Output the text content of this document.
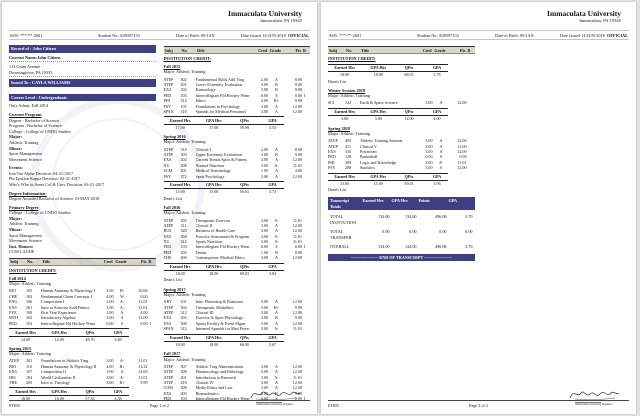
Immaculata University
Immaculata, PA 19345
SSN: ***-**-2601	Student No: A00597133	Date of Birth: 09-JAN	Date Issued 14-JUN-2018 OFFICIAL
Record of : John Citizen
Current Name:John Citizen
113 Grant Avenue
Downingtown, PA 19335
Issued To : CAYLA WILLIAMS
Course Level : Undergraduate
Only Admit: Fall 2014
Current Program
Degree : Bachelor of Science
Program : Bachelor of Science
College : College of UNDG Studies
Major:
Athletic Training
Minor:
Sport Management
Movement Science
Events:
Iota Tau Alpha Decision: 04-21-2017
Phi Epsilon Kappa Decision: 04-21-2017
Who's Who in Amer Col & Univ Decision: 04-21-2017
Degree Information:
Degree Awarded Bachelor of Science 10-MAY-2018
Primary Degree
College : College of UNDG Studies
Major:
Athletic Training
Minor:
Sport Management
Movement Science
Inst. Honors:
CUM LAUDE
Subj	No.	Title	Cred Grade	Pts R
INSTITUTION CREDIT:
Fall 2014
Major: Athletic Training
BIO	105	Human Anatomy & Physiology I	4.00	B-	10.68
CHE	103	Fundamental Chem Concepts I	4.00	W	0.00
ENG	106	Composition I	3.00	A-	11.01
EXS	201	Intro to Exercise Sci&Fitness	3.00	A-	11.01
FYE	100	First Year Experience	1.00	A	4.00
MTH	102	Introductory Algebra	3.00	A	12.00
PED	103	Intercollegiate Fld Hockey Wmn	0.00	S	0.00 I
Earned Hrs	GPA Hrs	QPts	GPA
14.00	14.00	48.70	3.48
Spring 2015
Major: Athletic Training
ATEP	201	Foundations in Athletic Trng	3.00	A-	11.01
BIO	110	Human Anatomy & Physiology II	4.00	B+	13.32
ENG	107	Composition II	3.00	A	12.00
HIS	104	World Civilization II	3.00	A-	11.01
THE	205	Intro to Theology	3.00	B+	9.99
Earned Hrs	GPA Hrs	QPts	GPA
16.00	16.00	57.33	3.58
Subj	No.	Title	Cred Grade	Pts R
INSTITUTION CREDIT:
Fall 2015
Major: Athletic Training
ATEP	302	Fundamental Skills Athl Trng	2.00	A	8.00
ATEP	301	Lower Extremity Evaluation	3.00	B	9.00
EXS	302	Kinesiology	3.00	B	9.00
PED	103	Intercollegiate Fld Hockey Wmn	0.00	S	0.00 I
PHI	312	Ethics	3.00	B+	9.99
PSY	101	Foundations in Psychology	3.00	A	12.00
SPAN	310	Spanish for Medical Personnel	3.00	A	12.00
Earned Hrs	GPA Hrs	QPts	GPA
17.00	17.00	59.99	3.53
Spring 2016
Major: Athletic Training
ATEP	310	Clinical I	2.00	A	8.00
ATEP	303	Upper Extremity Evaluation	3.00	B	9.00
EXS	202	Current Trends Sport & Fitness	3.00	A	12.00
NU	308	Normal Nutrition	3.00	A-	11.01
SCM	201	Medical Terminology	1.00	A	4.00
PSY	372	Sport Psychology	3.00	A	12.00
Earned Hrs	GPA Hrs	QPts	GPA
15.00	15.00	56.01	3.73
Dean's List
Fall 2016
Major: Athletic Training
ATEP	305	Therapeutic Exercise	3.00	A-	11.01
ATEP	311	Clinical II	3.00	A	12.00
BUS	320	Business of Health Care	3.00	A	12.00
EXS	304	Exercise Assessment & Program	3.00	A-	11.01
NU	312	Sports Nutrition	3.00	A-	11.01
PED	103	Intercollegiate Fld Hockey Wmn	0.00	S	0.00 I
PED	305	Tennis	1.00	W	0.00
THE	400	Contemporary Medical Ethics	3.00	A	12.00
Earned Hrs	GPA Hrs	QPts	GPA
18.00	18.00	69.03	3.84
Dean's List
Spring 2017
Major: Athletic Training
ART	101	Intro Photoshop & Illustrator	3.00	A	12.00
ATEP	304	Therapeutic Modalities	3.00	B+	9.99
ATEP	312	Clinical III	3.00	A	12.00
EXS	303	Exercise & Sport Physiology	3.00	B	9.00
EXS	306	Sports Facility & Event Mgmt	3.00	A	12.00
SPAN	312	Intermed Spanish for Med Persn	3.00	A-	11.01
Earned Hrs	GPA Hrs	QPts	GPA
18.00	18.00	66.00	3.67
Fall 2017
Major: Athletic Training
ATEP	307	Athletic Trng Administration	3.00	A	12.00
ATEP	308	Pharmacology and Pathology	3.00	A	12.00
ATEP	401	Introduction to Research	3.00	A-	11.01
ATEP	410	Clinical IV	3.00	A	12.00
COM	308	Media Ethics and Law	3.00	A	12.00
EXS	305	Biomechanics	3.00	B	9.00
PED	103	Intercollegiate Fld Hockey Wmn	0.00	S	0.00 I
ETRN	Page 1 of 2	Immaculata University Registrar
Immaculata University
Immaculata, PA 19345
SSN: ***-**-2601	Student No: A00597133	Date of Birth: 09-JAN	Date Issued 14-JUN-2018 OFFICIAL
Subj	No.	Title	Cred Grade	Pts R
INSTITUTION CREDIT:
Earned Hrs	GPA Hrs	QPts	GPA
18.00	18.00	68.01	3.78
Dean's List
Winter Session 2018
Major: Athletic Training
SCI	122	Earth & Space Science	3.00	A	12.00
Earned Hrs	GPA Hrs	QPts	GPA
3.00	3.00	12.00	4.00
Spring 2018
Major: Athletic Training
ATEP	405	Athletic Training Seminar	3.00	A	12.00
ATEP	411	Clinical V	3.00	A	12.00
EXS	310	Practicum	3.00	A	12.00
PED	128	Basketball	0.00	S	0.00
PHI	209	Logic and Knowledge	3.00	A-	11.01
PSY	208	Statistics	3.00	A	12.00
Earned Hrs	GPA Hrs	QPts	GPA
15.00	15.00	59.01	3.93
Dean's List
Transcript Totals
Earned Hrs	GPA Hrs	Points	GPA
TOTAL INSTITUTION
134.00	134.00	496.08	3.70
TOTAL TRANSFER
0.00	0.00	0.00	0.00
OVERALL	134.00	134.00	496.08	3.70
-------------------- END OF TRANSCRIPT --------------------
ETRN	Page 2 of 2	Immaculata University Registrar
